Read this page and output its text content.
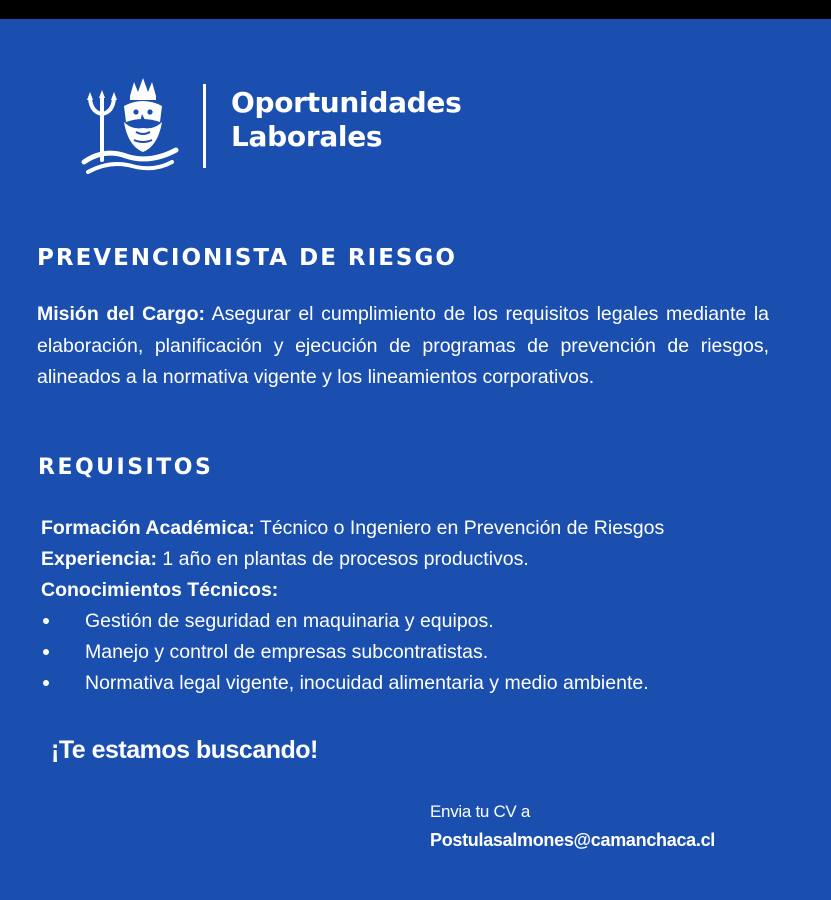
Oportunidades
Laborales
PREVENCIONISTA DE RIESGO
Misión del Cargo: Asegurar el cumplimiento de los requisitos legales mediante la elaboración, planificación y ejecución de programas de prevención de riesgos, alineados a la normativa vigente y los lineamientos corporativos.
REQUISITOS
Formación Académica: Técnico o Ingeniero en Prevención de Riesgos
Experiencia: 1 año en plantas de procesos productivos.
Conocimientos Técnicos:
Gestión de seguridad en maquinaria y equipos.
Manejo y control de empresas subcontratistas.
Normativa legal vigente, inocuidad alimentaria y medio ambiente.
¡Te estamos buscando!
Envia tu CV a
Postulasalmones@camanchaca.cl
